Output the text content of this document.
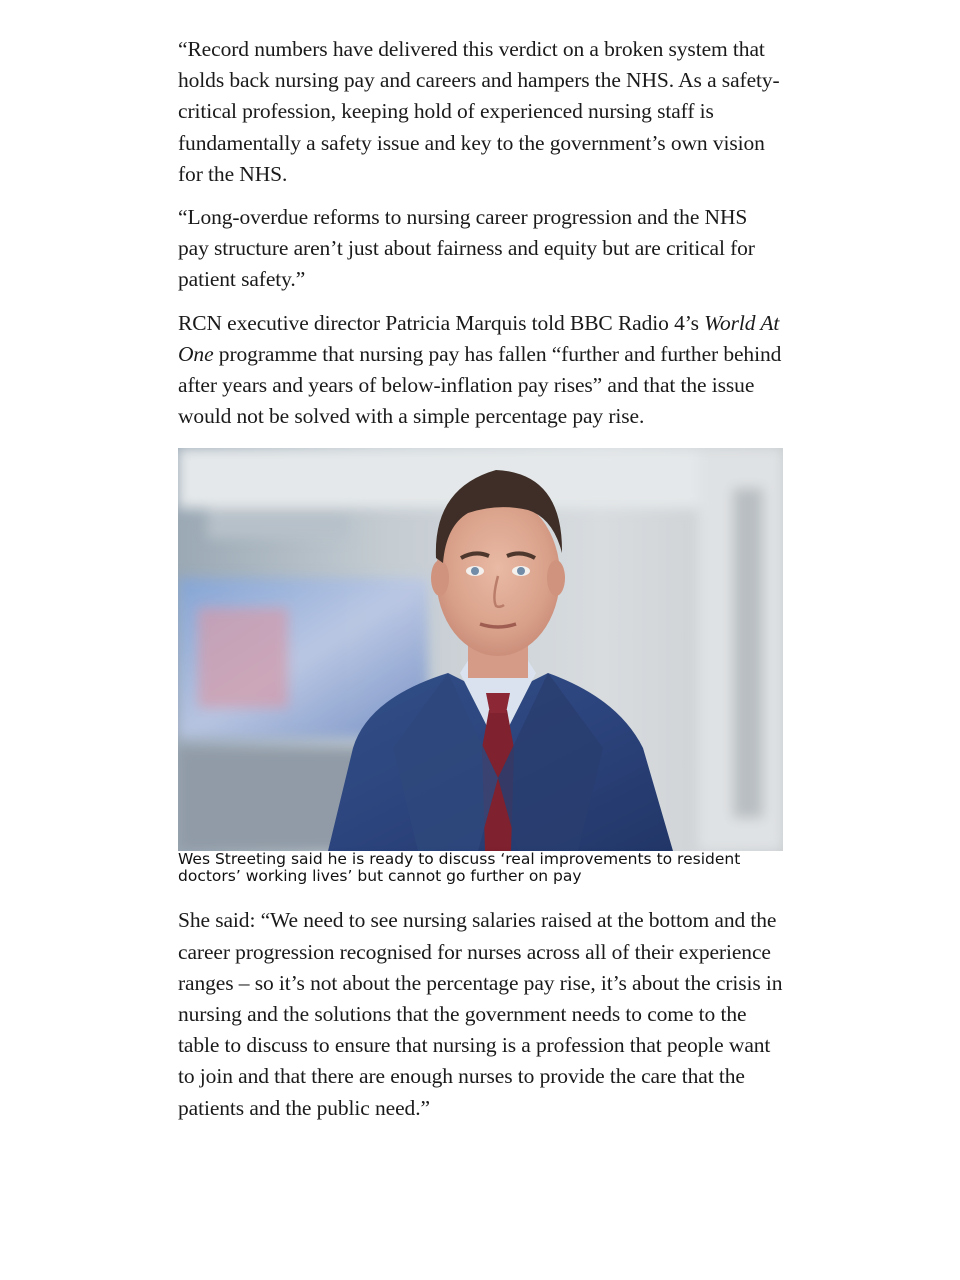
“Record numbers have delivered this verdict on a broken system that holds back nursing pay and careers and hampers the NHS. As a safety-critical profession, keeping hold of experienced nursing staff is fundamentally a safety issue and key to the government’s own vision for the NHS.

“Long-overdue reforms to nursing career progression and the NHS pay structure aren’t just about fairness and equity but are critical for patient safety.”

RCN executive director Patricia Marquis told BBC Radio 4’s World At One programme that nursing pay has fallen “further and further behind after years and years of below-inflation pay rises” and that the issue would not be solved with a simple percentage pay rise.

Wes Streeting said he is ready to discuss ‘real improvements to resident doctors’ working lives’ but cannot go further on pay

She said: “We need to see nursing salaries raised at the bottom and the career progression recognised for nurses across all of their experience ranges – so it’s not about the percentage pay rise, it’s about the crisis in nursing and the solutions that the government needs to come to the table to discuss to ensure that nursing is a profession that people want to join and that there are enough nurses to provide the care that the patients and the public need.”
